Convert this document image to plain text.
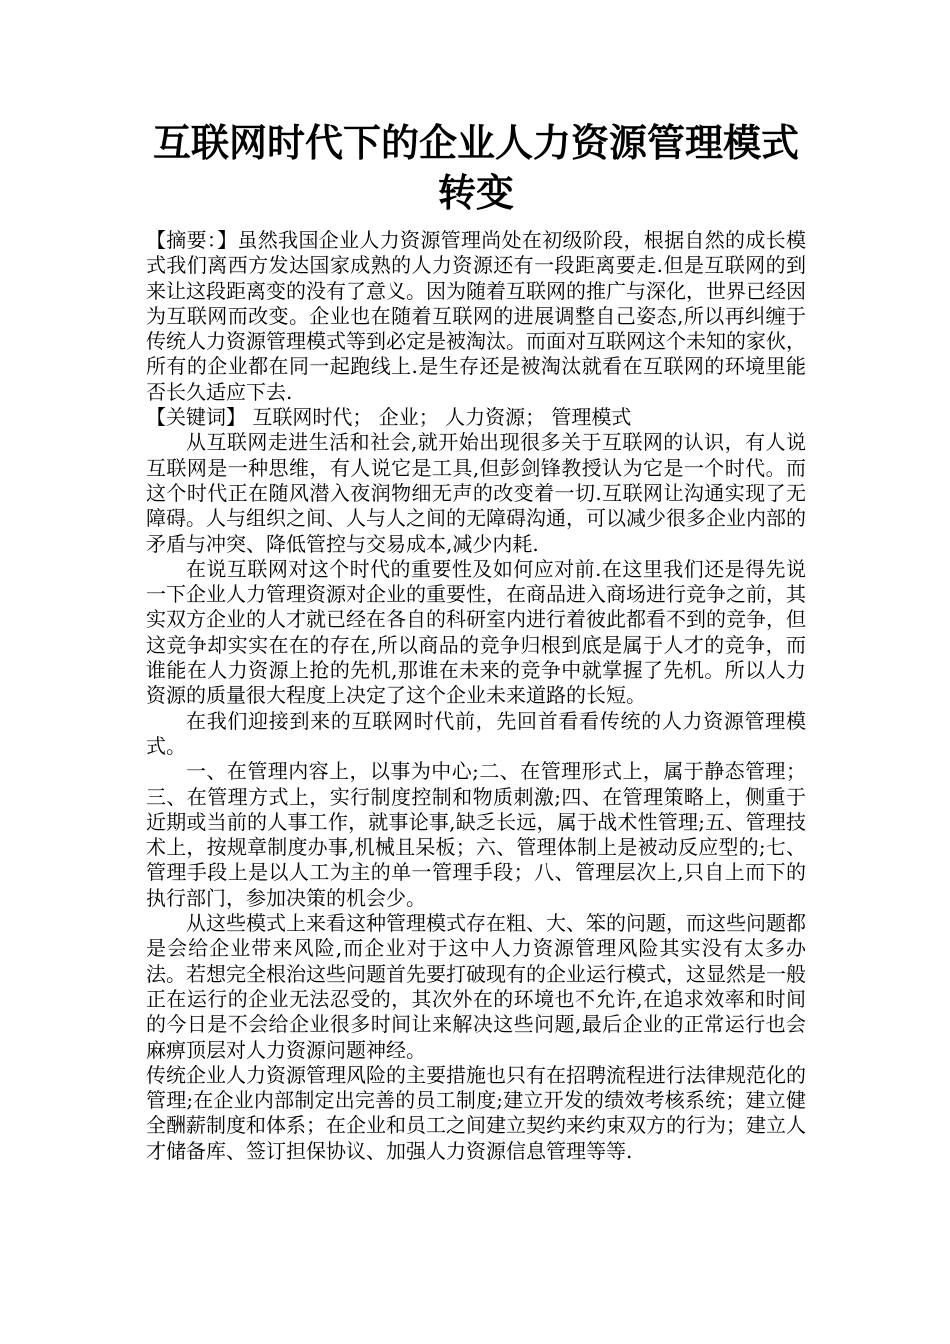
互联网时代下的企业人力资源管理模式转变

【摘要：】虽然我国企业人力资源管理尚处在初级阶段，根据自然的成长模式我们离西方发达国家成熟的人力资源还有一段距离要走.但是互联网的到来让这段距离变的没有了意义。因为随着互联网的推广与深化，世界已经因为互联网而改变。企业也在随着互联网的进展调整自己姿态,所以再纠缠于传统人力资源管理模式等到必定是被淘汰。而面对互联网这个未知的家伙，所有的企业都在同一起跑线上.是生存还是被淘汰就看在互联网的环境里能否长久适应下去.

【关键词】 互联网时代； 企业； 人力资源； 管理模式

从互联网走进生活和社会,就开始出现很多关于互联网的认识，有人说互联网是一种思维，有人说它是工具,但彭剑锋教授认为它是一个时代。而这个时代正在随风潜入夜润物细无声的改变着一切.互联网让沟通实现了无障碍。人与组织之间、人与人之间的无障碍沟通，可以减少很多企业内部的矛盾与冲突、降低管控与交易成本,减少内耗.

在说互联网对这个时代的重要性及如何应对前.在这里我们还是得先说一下企业人力管理资源对企业的重要性，在商品进入商场进行竞争之前，其实双方企业的人才就已经在各自的科研室内进行着彼此都看不到的竞争，但这竞争却实实在在的存在,所以商品的竞争归根到底是属于人才的竞争，而谁能在人力资源上抢的先机,那谁在未来的竞争中就掌握了先机。所以人力资源的质量很大程度上决定了这个企业未来道路的长短。

在我们迎接到来的互联网时代前，先回首看看传统的人力资源管理模式。

一、在管理内容上，以事为中心;二、在管理形式上，属于静态管理；三、在管理方式上，实行制度控制和物质刺激;四、在管理策略上，侧重于近期或当前的人事工作，就事论事,缺乏长远，属于战术性管理;五、管理技术上，按规章制度办事,机械且呆板；六、管理体制上是被动反应型的;七、管理手段上是以人工为主的单一管理手段；八、管理层次上,只自上而下的执行部门，参加决策的机会少。

从这些模式上来看这种管理模式存在粗、大、笨的问题，而这些问题都是会给企业带来风险,而企业对于这中人力资源管理风险其实没有太多办法。若想完全根治这些问题首先要打破现有的企业运行模式，这显然是一般正在运行的企业无法忍受的，其次外在的环境也不允许,在追求效率和时间的今日是不会给企业很多时间让来解决这些问题,最后企业的正常运行也会麻痹顶层对人力资源问题神经。

传统企业人力资源管理风险的主要措施也只有在招聘流程进行法律规范化的管理;在企业内部制定出完善的员工制度;建立开发的绩效考核系统；建立健全酬薪制度和体系；在企业和员工之间建立契约来约束双方的行为；建立人才储备库、签订担保协议、加强人力资源信息管理等等.
